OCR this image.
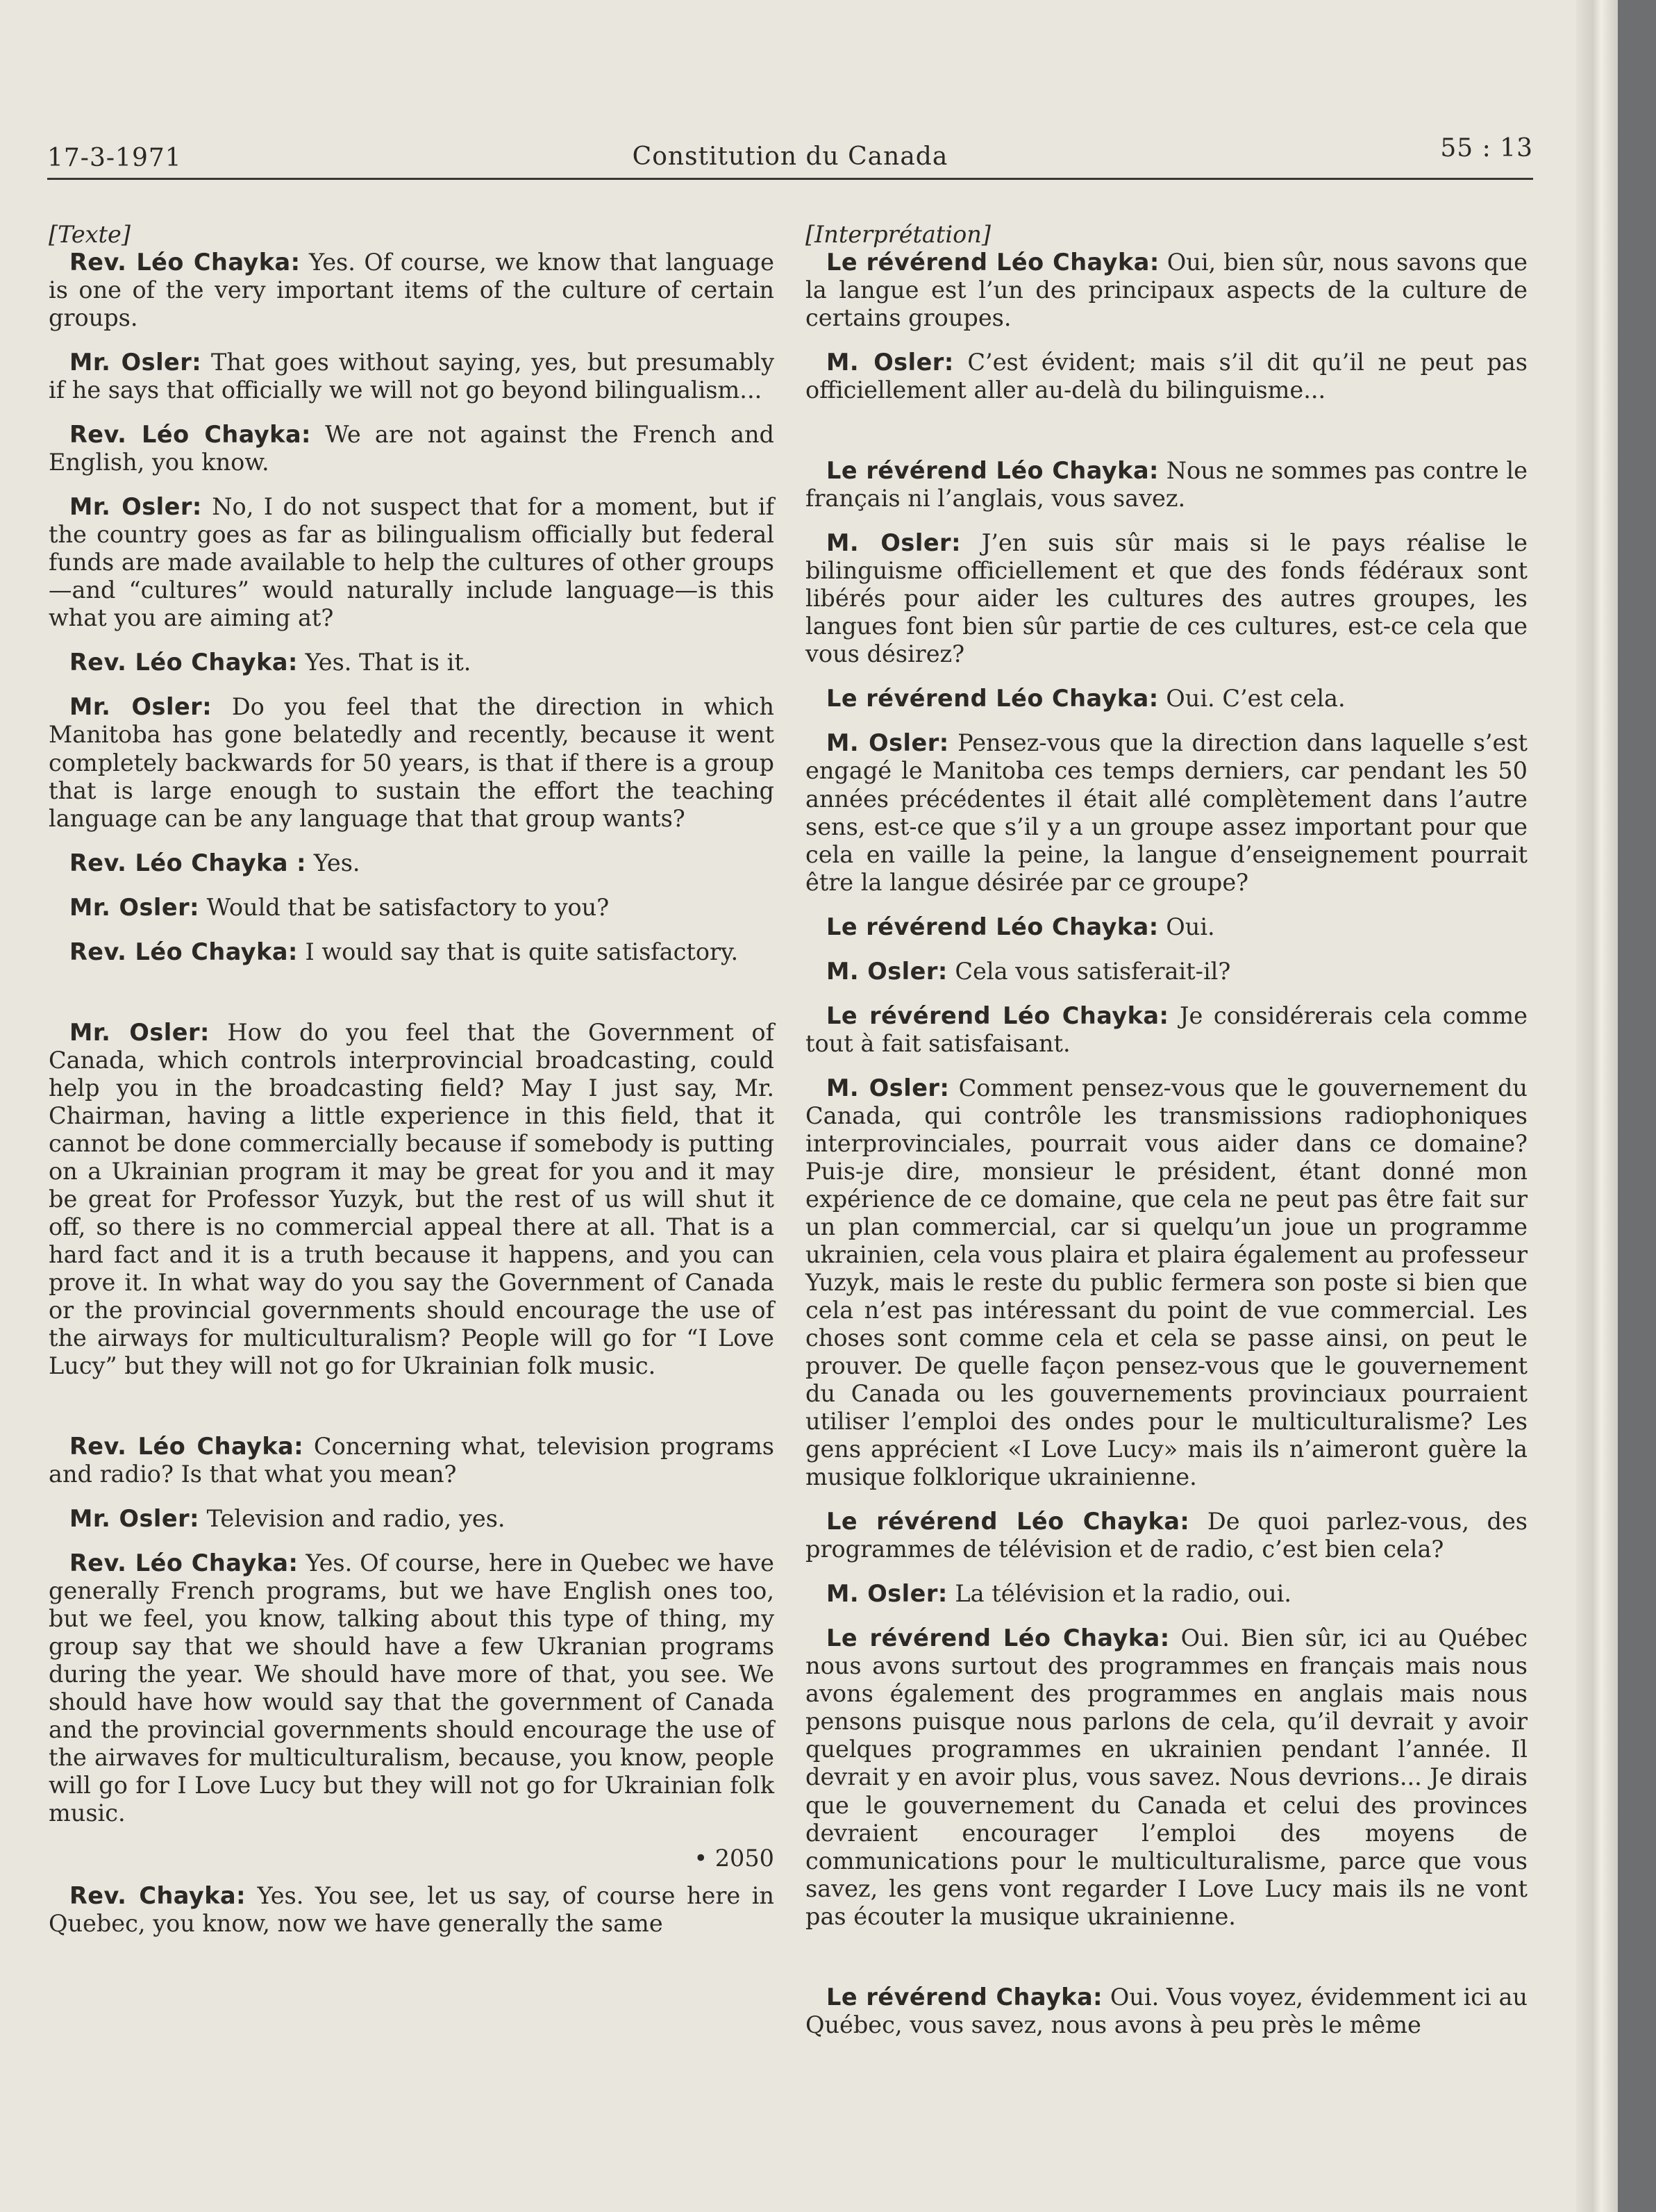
17-3-1971	Constitution du Canada	55 : 13

[Texte]

Rev. Léo Chayka: Yes. Of course, we know that language is one of the very important items of the culture of certain groups.

Mr. Osler: That goes without saying, yes, but presumably if he says that officially we will not go beyond bilingualism...

Rev. Léo Chayka: We are not against the French and English, you know.

Mr. Osler: No, I do not suspect that for a moment, but if the country goes as far as bilingualism officially but federal funds are made available to help the cultures of other groups—and “cultures” would naturally include language—is this what you are aiming at?

Rev. Léo Chayka: Yes. That is it.

Mr. Osler: Do you feel that the direction in which Manitoba has gone belatedly and recently, because it went completely backwards for 50 years, is that if there is a group that is large enough to sustain the effort the teaching language can be any language that that group wants?

Rev. Léo Chayka : Yes.

Mr. Osler: Would that be satisfactory to you?

Rev. Léo Chayka: I would say that is quite satisfactory.

Mr. Osler: How do you feel that the Government of Canada, which controls interprovincial broadcasting, could help you in the broadcasting field? May I just say, Mr. Chairman, having a little experience in this field, that it cannot be done commercially because if somebody is putting on a Ukrainian program it may be great for you and it may be great for Professor Yuzyk, but the rest of us will shut it off, so there is no commercial appeal there at all. That is a hard fact and it is a truth because it happens, and you can prove it. In what way do you say the Government of Canada or the provincial governments should encourage the use of the airways for multiculturalism? People will go for “I Love Lucy” but they will not go for Ukrainian folk music.

Rev. Léo Chayka: Concerning what, television programs and radio? Is that what you mean?

Mr. Osler: Television and radio, yes.

Rev. Léo Chayka: Yes. Of course, here in Quebec we have generally French programs, but we have English ones too, but we feel, you know, talking about this type of thing, my group say that we should have a few Ukranian programs during the year. We should have more of that, you see. We should have how would say that the government of Canada and the provincial governments should encourage the use of the airwaves for multiculturalism, because, you know, people will go for I Love Lucy but they will not go for Ukrainian folk music.

• 2050

Rev. Chayka: Yes. You see, let us say, of course here in Quebec, you know, now we have generally the same

[Interprétation]

Le révérend Léo Chayka: Oui, bien sûr, nous savons que la langue est l’un des principaux aspects de la culture de certains groupes.

M. Osler: C’est évident; mais s’il dit qu’il ne peut pas officiellement aller au-delà du bilinguisme...

Le révérend Léo Chayka: Nous ne sommes pas contre le français ni l’anglais, vous savez.

M. Osler: J’en suis sûr mais si le pays réalise le bilinguisme officiellement et que des fonds fédéraux sont libérés pour aider les cultures des autres groupes, les langues font bien sûr partie de ces cultures, est-ce cela que vous désirez?

Le révérend Léo Chayka: Oui. C’est cela.

M. Osler: Pensez-vous que la direction dans laquelle s’est engagé le Manitoba ces temps derniers, car pendant les 50 années précédentes il était allé complètement dans l’autre sens, est-ce que s’il y a un groupe assez important pour que cela en vaille la peine, la langue d’enseignement pourrait être la langue désirée par ce groupe?

Le révérend Léo Chayka: Oui.

M. Osler: Cela vous satisferait-il?

Le révérend Léo Chayka: Je considérerais cela comme tout à fait satisfaisant.

M. Osler: Comment pensez-vous que le gouvernement du Canada, qui contrôle les transmissions radiophoniques interprovinciales, pourrait vous aider dans ce domaine? Puis-je dire, monsieur le président, étant donné mon expérience de ce domaine, que cela ne peut pas être fait sur un plan commercial, car si quelqu’un joue un programme ukrainien, cela vous plaira et plaira également au professeur Yuzyk, mais le reste du public fermera son poste si bien que cela n’est pas intéressant du point de vue commercial. Les choses sont comme cela et cela se passe ainsi, on peut le prouver. De quelle façon pensez-vous que le gouvernement du Canada ou les gouvernements provinciaux pourraient utiliser l’emploi des ondes pour le multiculturalisme? Les gens apprécient «I Love Lucy» mais ils n’aimeront guère la musique folklorique ukrainienne.

Le révérend Léo Chayka: De quoi parlez-vous, des programmes de télévision et de radio, c’est bien cela?

M. Osler: La télévision et la radio, oui.

Le révérend Léo Chayka: Oui. Bien sûr, ici au Québec nous avons surtout des programmes en français mais nous avons également des programmes en anglais mais nous pensons puisque nous parlons de cela, qu’il devrait y avoir quelques programmes en ukrainien pendant l’année. Il devrait y en avoir plus, vous savez. Nous devrions... Je dirais que le gouvernement du Canada et celui des provinces devraient encourager l’emploi des moyens de communications pour le multiculturalisme, parce que vous savez, les gens vont regarder I Love Lucy mais ils ne vont pas écouter la musique ukrainienne.

Le révérend Chayka: Oui. Vous voyez, évidemment ici au Québec, vous savez, nous avons à peu près le même
